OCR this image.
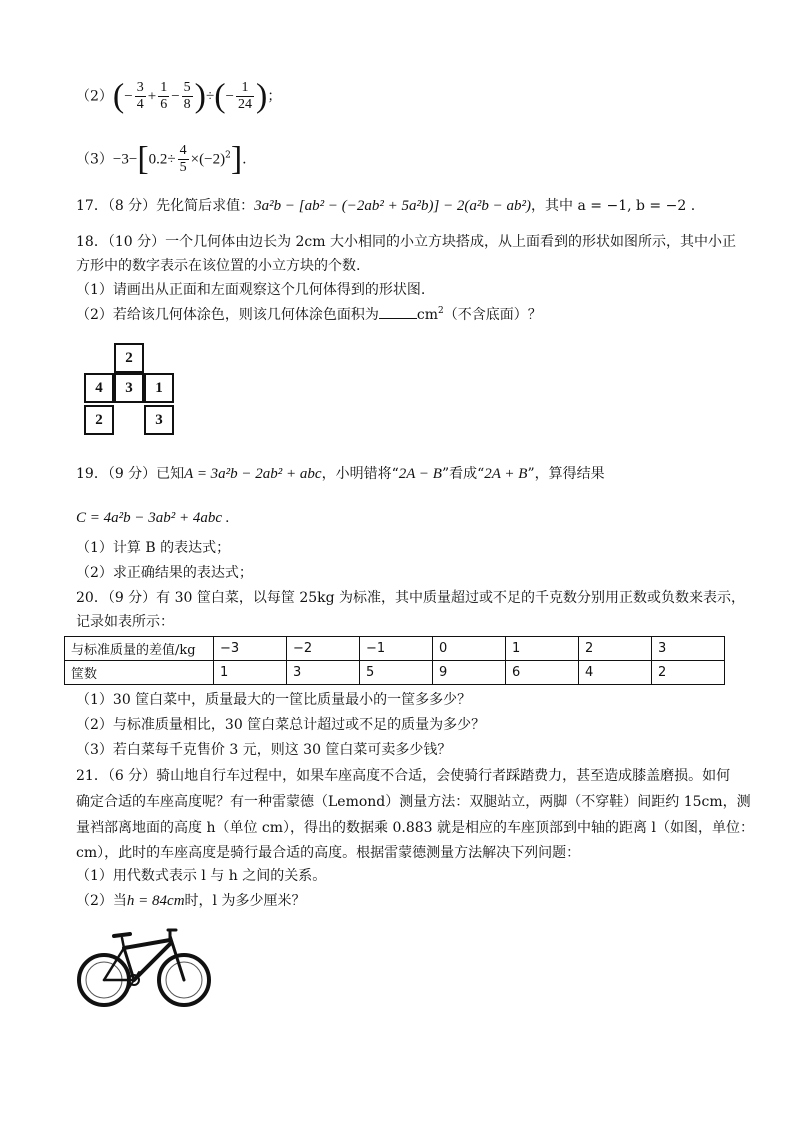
$(2)(- \frac{3}{4} + \frac{1}{6} - \frac{5}{8}$ )÷(− $\frac{1}{24}$ )；
$(3)-3-[0.2\div \frac{4}{5} \times(-2)^2]$.
17．（8 分）先化简后求值：3a²b − [ab² − (−2ab² + 5a²b)] − 2(a²b − ab²)，其中 a = −1, b = −2 .
18．（10 分）一个几何体由边长为 2cm 大小相同的小立方块搭成，从上面看到的形状如图所示，其中小正
方形中的数字表示在该位置的小立方块的个数.
（1）请画出从正面和左面观察这个几何体得到的形状图.
（2）若给该几何体涂色，则该几何体涂色面积为	$cm^2$（不含底面）？
2
4	3	1
2	3
19．（9 分）已知A = 3a²b − 2ab² + abc，小明错将“2A − B”看成“2A + B”，算得结果
C = 4a²b − 3ab² + 4abc .
（1）计算 B 的表达式；
（2）求正确结果的表达式；
20．（9 分）有 30 筐白菜，以每筐 25kg 为标准，其中质量超过或不足的千克数分别用正数或负数来表示，
记录如表所示：
与标准质量的差值/kg	−3	−2	−1	0	1	2	3
筐数	1	3	5	9	6	4	2
（1）30 筐白菜中，质量最大的一筐比质量最小的一筐多多少？
（2）与标准质量相比，30 筐白菜总计超过或不足的质量为多少？
（3）若白菜每千克售价 3 元，则这 30 筐白菜可卖多少钱？
21．（6 分）骑山地自行车过程中，如果车座高度不合适，会使骑行者踩踏费力，甚至造成膝盖磨损。如何
确定合适的车座高度呢？有一种雷蒙德（Lemond）测量方法：双腿站立，两脚（不穿鞋）间距约 15cm，测
量裆部离地面的高度 h（单位 cm），得出的数据乘 0.883 就是相应的车座顶部到中轴的距离 l（如图，单位：
cm），此时的车座高度是骑行最合适的高度。根据雷蒙德测量方法解决下列问题：
（1）用代数式表示 l 与 h 之间的关系。
（2）当h = 84cm时，l 为多少厘米？
